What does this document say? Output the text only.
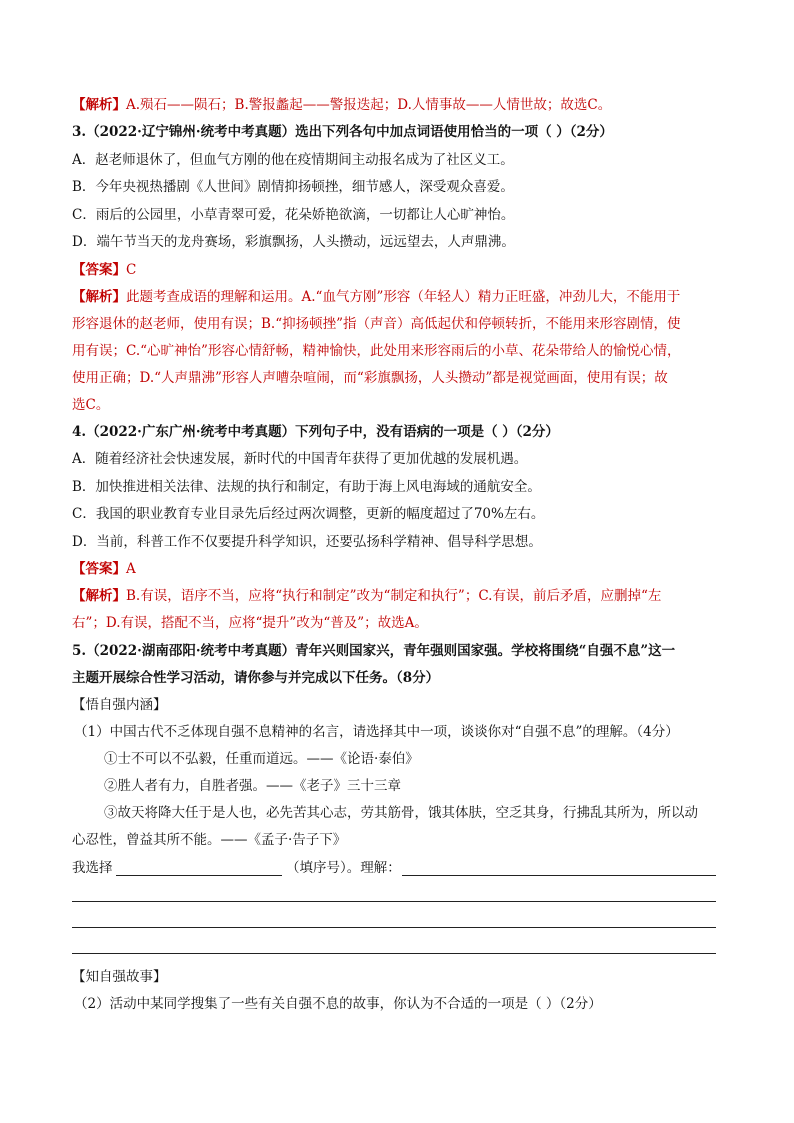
【解析】A.殒石——陨石；B.警报蠡起——警报迭起；D.人情事故——人情世故；故选C。
3.（2022·辽宁锦州·统考中考真题）选出下列各句中加点词语使用恰当的一项（ ）（2分）
A．赵老师退休了，但血气方刚的他在疫情期间主动报名成为了社区义工。
B．今年央视热播剧《人世间》剧情抑扬顿挫，细节感人，深受观众喜爱。
C．雨后的公园里，小草青翠可爱，花朵娇艳欲滴，一切都让人心旷神怡。
D．端午节当天的龙舟赛场，彩旗飘扬，人头攒动，远远望去，人声鼎沸。
【答案】C
【解析】此题考查成语的理解和运用。A.“血气方刚”形容（年轻人）精力正旺盛，冲劲儿大，不能用于
形容退休的赵老师，使用有误；B.“抑扬顿挫”指（声音）高低起伏和停顿转折，不能用来形容剧情，使
用有误；C.“心旷神怡”形容心情舒畅，精神愉快，此处用来形容雨后的小草、花朵带给人的愉悦心情，
使用正确；D.“人声鼎沸”形容人声嘈杂喧闹，而“彩旗飘扬，人头攒动”都是视觉画面，使用有误；故
选C。
4.（2022·广东广州·统考中考真题）下列句子中，没有语病的一项是（ ）（2分）
A．随着经济社会快速发展，新时代的中国青年获得了更加优越的发展机遇。
B．加快推进相关法律、法规的执行和制定，有助于海上风电海域的通航安全。
C．我国的职业教育专业目录先后经过两次调整，更新的幅度超过了70%左右。
D．当前，科普工作不仅要提升科学知识，还要弘扬科学精神、倡导科学思想。
【答案】A
【解析】B.有误，语序不当，应将“执行和制定”改为“制定和执行”；C.有误，前后矛盾，应删掉“左
右”；D.有误，搭配不当，应将“提升”改为“普及”；故选A。
5.（2022·湖南邵阳·统考中考真题）青年兴则国家兴，青年强则国家强。学校将围绕“自强不息”这一
主题开展综合性学习活动，请你参与并完成以下任务。（8分）
【悟自强内涵】
（1）中国古代不乏体现自强不息精神的名言，请选择其中一项，谈谈你对“自强不息”的理解。（4分）
①士不可以不弘毅，任重而道远。——《论语·泰伯》
②胜人者有力，自胜者强。——《老子》三十三章
③故天将降大任于是人也，必先苦其心志，劳其筋骨，饿其体肤，空乏其身，行拂乱其所为，所以动
心忍性，曾益其所不能。——《孟子·告子下》
我选择	（填序号）。理解：
【知自强故事】
（2）活动中某同学搜集了一些有关自强不息的故事，你认为不合适的一项是（ ）（2分）
